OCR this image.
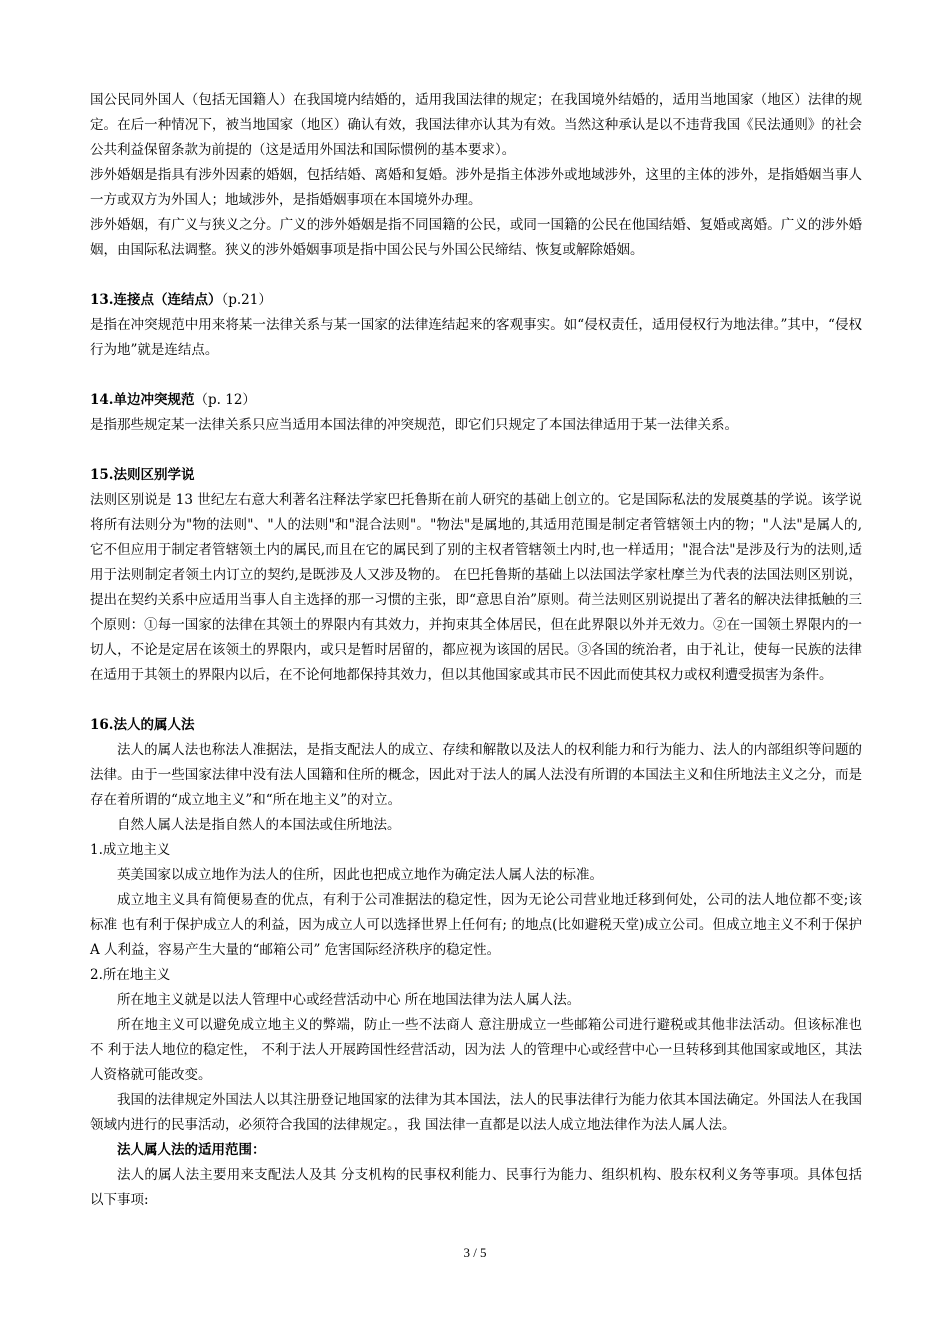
国公民同外国人（包括无国籍人）在我国境内结婚的，适用我国法律的规定；在我国境外结婚的，适用当地国家（地区）法律的规定。在后一种情况下，被当地国家（地区）确认有效，我国法律亦认其为有效。当然这种承认是以不违背我国《民法通则》的社会公共利益保留条款为前提的（这是适用外国法和国际惯例的基本要求）。

涉外婚姻是指具有涉外因素的婚姻，包括结婚、离婚和复婚。涉外是指主体涉外或地域涉外，这里的主体的涉外，是指婚姻当事人一方或双方为外国人；地域涉外，是指婚姻事项在本国境外办理。

涉外婚姻，有广义与狭义之分。广义的涉外婚姻是指不同国籍的公民，或同一国籍的公民在他国结婚、复婚或离婚。广义的涉外婚姻，由国际私法调整。狭义的涉外婚姻事项是指中国公民与外国公民缔结、恢复或解除婚姻。

13.连接点（连结点）（p.21）

是指在冲突规范中用来将某一法律关系与某一国家的法律连结起来的客观事实。如“侵权责任，适用侵权行为地法律。”其中，“侵权行为地”就是连结点。

14.单边冲突规范（p. 12）

是指那些规定某一法律关系只应当适用本国法律的冲突规范，即它们只规定了本国法律适用于某一法律关系。

15.法则区别学说

法则区别说是 13 世纪左右意大利著名注释法学家巴托鲁斯在前人研究的基础上创立的。它是国际私法的发展奠基的学说。该学说将所有法则分为"物的法则"、"人的法则"和"混合法则"。"物法"是属地的,其适用范围是制定者管辖领土内的物；"人法"是属人的,它不但应用于制定者管辖领土内的属民,而且在它的属民到了别的主权者管辖领土内时,也一样适用；"混合法"是涉及行为的法则,适用于法则制定者领土内订立的契约,是既涉及人又涉及物的。 在巴托鲁斯的基础上以法国法学家杜摩兰为代表的法国法则区别说，提出在契约关系中应适用当事人自主选择的那一习惯的主张，即“意思自治”原则。荷兰法则区别说提出了著名的解决法律抵触的三个原则：①每一国家的法律在其领土的界限内有其效力，并拘束其全体居民，但在此界限以外并无效力。②在一国领土界限内的一切人，不论是定居在该领土的界限内，或只是暂时居留的，都应视为该国的居民。③各国的统治者，由于礼让，使每一民族的法律在适用于其领土的界限内以后，在不论何地都保持其效力，但以其他国家或其市民不因此而使其权力或权利遭受损害为条件。

16.法人的属人法

法人的属人法也称法人准据法，是指支配法人的成立、存续和解散以及法人的权利能力和行为能力、法人的内部组织等问题的法律。由于一些国家法律中没有法人国籍和住所的概念，因此对于法人的属人法没有所谓的本国法主义和住所地法主义之分，而是存在着所谓的“成立地主义”和“所在地主义”的对立。

自然人属人法是指自然人的本国法或住所地法。

1.成立地主义

英美国家以成立地作为法人的住所，因此也把成立地作为确定法人属人法的标准。

成立地主义具有简便易查的优点，有利于公司准据法的稳定性，因为无论公司营业地迁移到何处，公司的法人地位都不变;该标准 也有利于保护成立人的利益，因为成立人可以选择世界上任何有; 的地点(比如避税天堂)成立公司。但成立地主义不利于保护 A 人利益，容易产生大量的“邮箱公司” 危害国际经济秩序的稳定性。

2.所在地主义

所在地主义就是以法人管理中心或经营活动中心 所在地国法律为法人属人法。

所在地主义可以避免成立地主义的弊端，防止一些不法商人 意注册成立一些邮箱公司进行避税或其他非法活动。但该标准也不 利于法人地位的稳定性， 不利于法人开展跨国性经营活动，因为法 人的管理中心或经营中心一旦转移到其他国家或地区，其法人资格就可能改变。

我国的法律规定外国法人以其注册登记地国家的法律为其本国法，法人的民事法律行为能力依其本国法确定。外国法人在我国领域内进行的民事活动，必须符合我国的法律规定。，我 国法律一直都是以法人成立地法律作为法人属人法。

法人属人法的适用范围：

法人的属人法主要用来支配法人及其 分支机构的民事权利能力、民事行为能力、组织机构、股东权利义务等事项。具体包括以下事项:

3 / 5
